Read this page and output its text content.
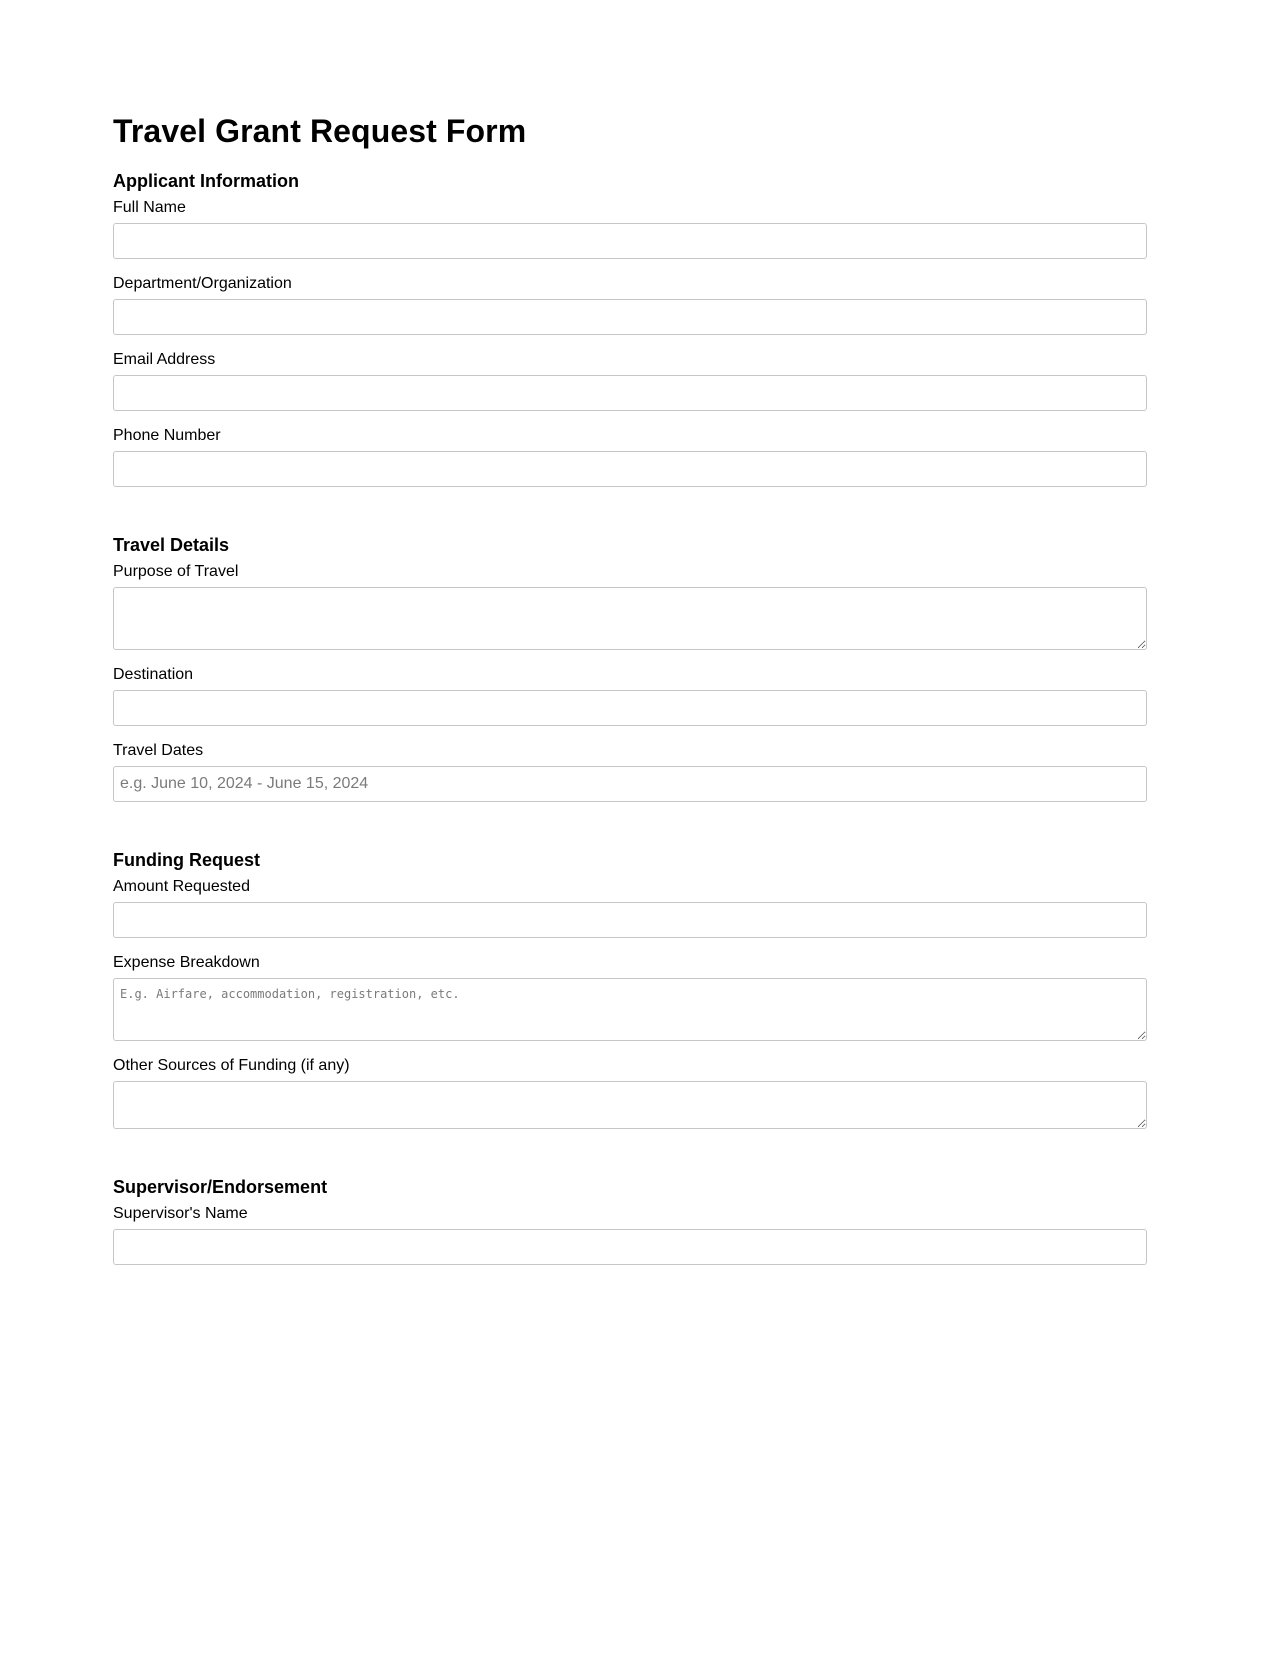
Travel Grant Request Form
Applicant Information
Full Name
Department/Organization
Email Address
Phone Number
Travel Details
Purpose of Travel
Destination
Travel Dates
e.g. June 10, 2024 - June 15, 2024
Funding Request
Amount Requested
Expense Breakdown
E.g. Airfare, accommodation, registration, etc.
Other Sources of Funding (if any)
Supervisor/Endorsement
Supervisor's Name
